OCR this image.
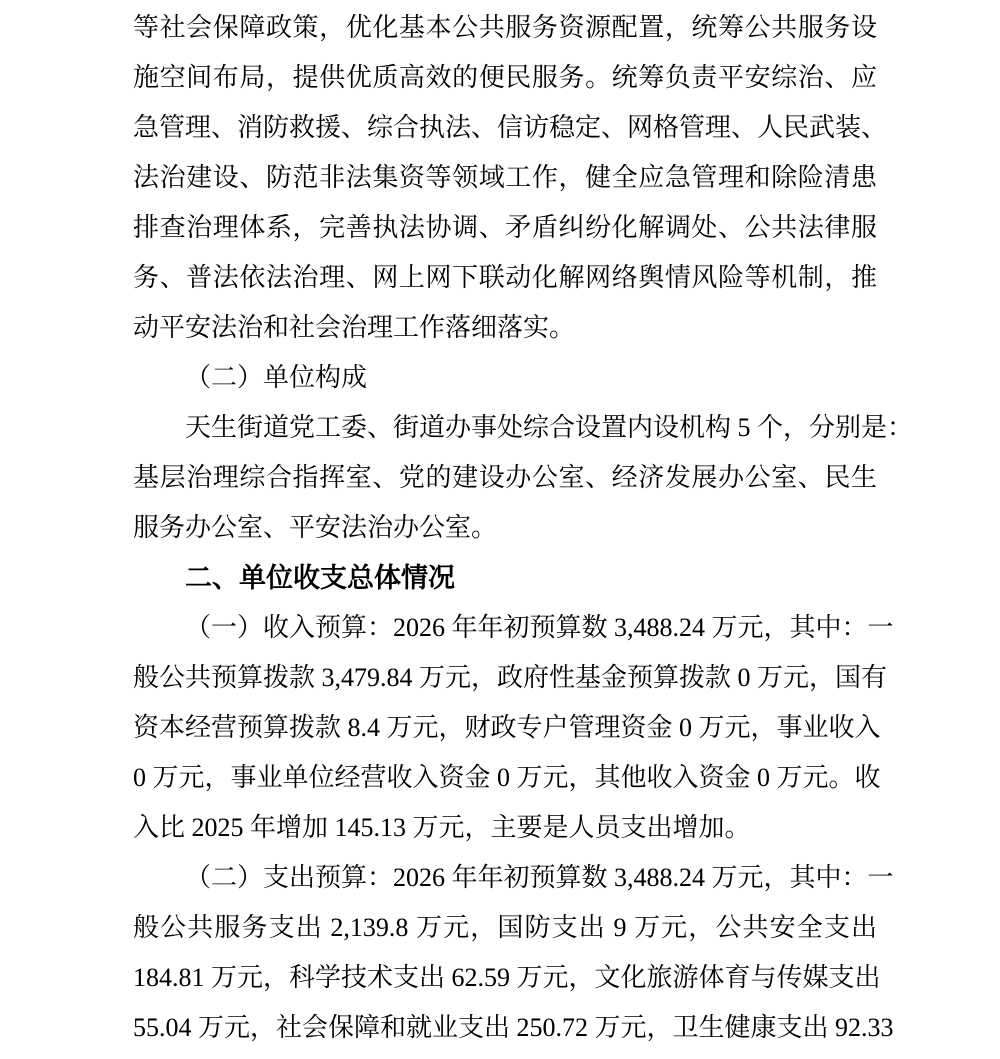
等社会保障政策，优化基本公共服务资源配置，统筹公共服务设
施空间布局，提供优质高效的便民服务。统筹负责平安综治、应
急管理、消防救援、综合执法、信访稳定、网格管理、人民武装、
法治建设、防范非法集资等领域工作，健全应急管理和除险清患
排查治理体系，完善执法协调、矛盾纠纷化解调处、公共法律服
务、普法依法治理、网上网下联动化解网络舆情风险等机制，推
动平安法治和社会治理工作落细落实。
（二）单位构成
天生街道党工委、街道办事处综合设置内设机构 5 个，分别是：
基层治理综合指挥室、党的建设办公室、经济发展办公室、民生
服务办公室、平安法治办公室。
二、单位收支总体情况
（一）收入预算：2026 年年初预算数 3,488.24 万元，其中：一
般公共预算拨款 3,479.84 万元，政府性基金预算拨款 0 万元，国有
资本经营预算拨款 8.4 万元，财政专户管理资金 0 万元，事业收入
0 万元，事业单位经营收入资金 0 万元，其他收入资金 0 万元。收
入比 2025 年增加 145.13 万元，主要是人员支出增加。
（二）支出预算：2026 年年初预算数 3,488.24 万元，其中：一
般公共服务支出 2,139.8 万元，国防支出 9 万元，公共安全支出
184.81 万元，科学技术支出 62.59 万元，文化旅游体育与传媒支出
55.04 万元，社会保障和就业支出 250.72 万元，卫生健康支出 92.33
